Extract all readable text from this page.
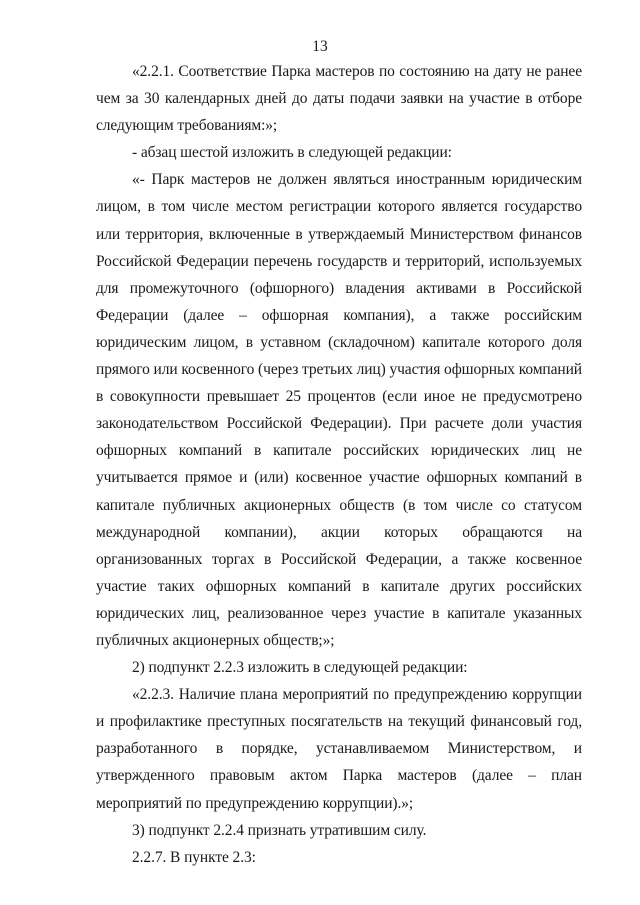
13

«2.2.1. Соответствие Парка мастеров по состоянию на дату не ранее чем за 30 календарных дней до даты подачи заявки на участие в отборе следующим требованиям:»;

- абзац шестой изложить в следующей редакции:

«- Парк мастеров не должен являться иностранным юридическим лицом, в том числе местом регистрации которого является государство или территория, включенные в утверждаемый Министерством финансов Российской Федерации перечень государств и территорий, используемых для промежуточного (офшорного) владения активами в Российской Федерации (далее – офшорная компания), а также российским юридическим лицом, в уставном (складочном) капитале которого доля прямого или косвенного (через третьих лиц) участия офшорных компаний в совокупности превышает 25 процентов (если иное не предусмотрено законодательством Российской Федерации). При расчете доли участия офшорных компаний в капитале российских юридических лиц не учитывается прямое и (или) косвенное участие офшорных компаний в капитале публичных акционерных обществ (в том числе со статусом международной компании), акции которых обращаются на организованных торгах в Российской Федерации, а также косвенное участие таких офшорных компаний в капитале других российских юридических лиц, реализованное через участие в капитале указанных публичных акционерных обществ;»;

2) подпункт 2.2.3 изложить в следующей редакции:

«2.2.3. Наличие плана мероприятий по предупреждению коррупции и профилактике преступных посягательств на текущий финансовый год, разработанного в порядке, устанавливаемом Министерством, и утвержденного правовым актом Парка мастеров (далее – план мероприятий по предупреждению коррупции).»;

3) подпункт 2.2.4 признать утратившим силу.

2.2.7. В пункте 2.3:
